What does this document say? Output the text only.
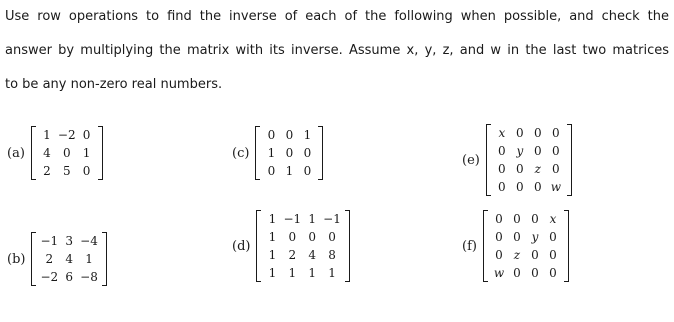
Use row operations to find the inverse of each of the following when possible, and check the
answer by multiplying the matrix with its inverse. Assume x, y, z, and w in the last two matrices
to be any non-zero real numbers.
(a)
1	−2	0
4	0	1
2	5	0
(b)
−1	3	−4
2	4	1
−2	6	−8
(c)
0	0	1
1	0	0
0	1	0
(d)
1	−1	1	−1
1	0	0	0
1	2	4	8
1	1	1	1
(e)
x	0	0	0
0	y	0	0
0	0	z	0
0	0	0	w
(f)
0	0	0	x
0	0	y	0
0	z	0	0
w	0	0	0
